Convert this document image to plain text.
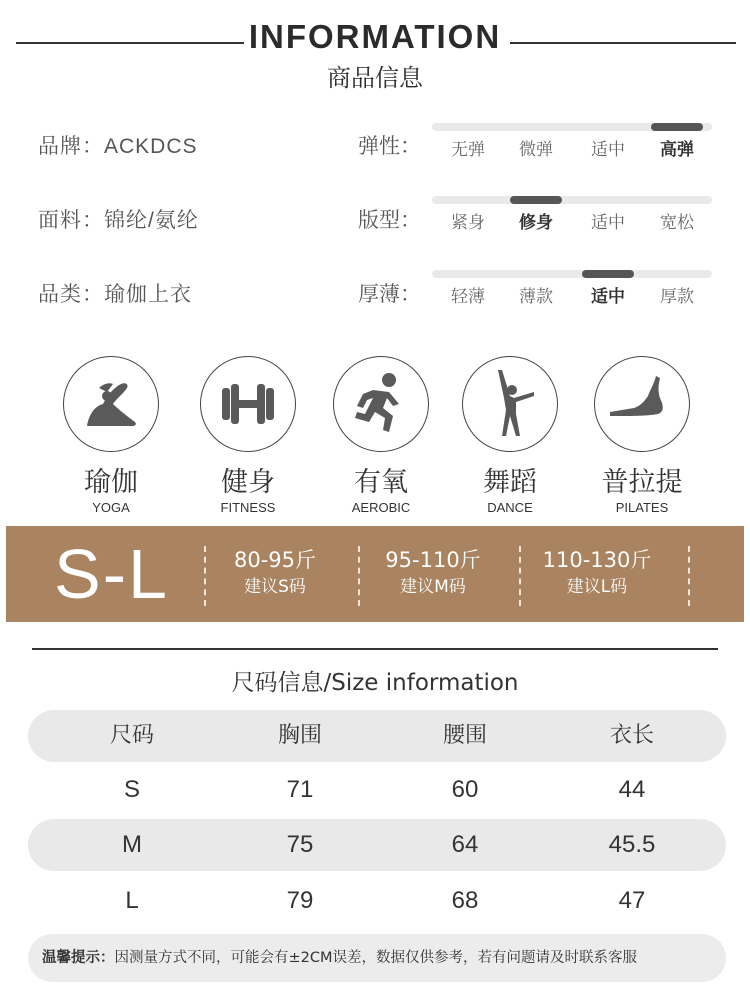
INFORMATION
商品信息
品牌：ACKDCS
面料：锦纶/氨纶
品类：瑜伽上衣
弹性：
版型：
厚薄：
无弹	微弹	适中	高弹
紧身	修身	适中	宽松
轻薄	薄款	适中	厚款
瑜伽
YOGA
健身
FITNESS
有氧
AEROBIC
舞蹈
DANCE
普拉提
PILATES
S-L	80-95斤
建议S码
95-110斤
建议M码
110-130斤
建议L码
尺码信息/Size information
尺码	胸围	腰围	衣长
S	71	60	44
M	75	64	45.5
L	79	68	47
温馨提示：因测量方式不同，可能会有±2CM误差，数据仅供参考，若有问题请及时联系客服
